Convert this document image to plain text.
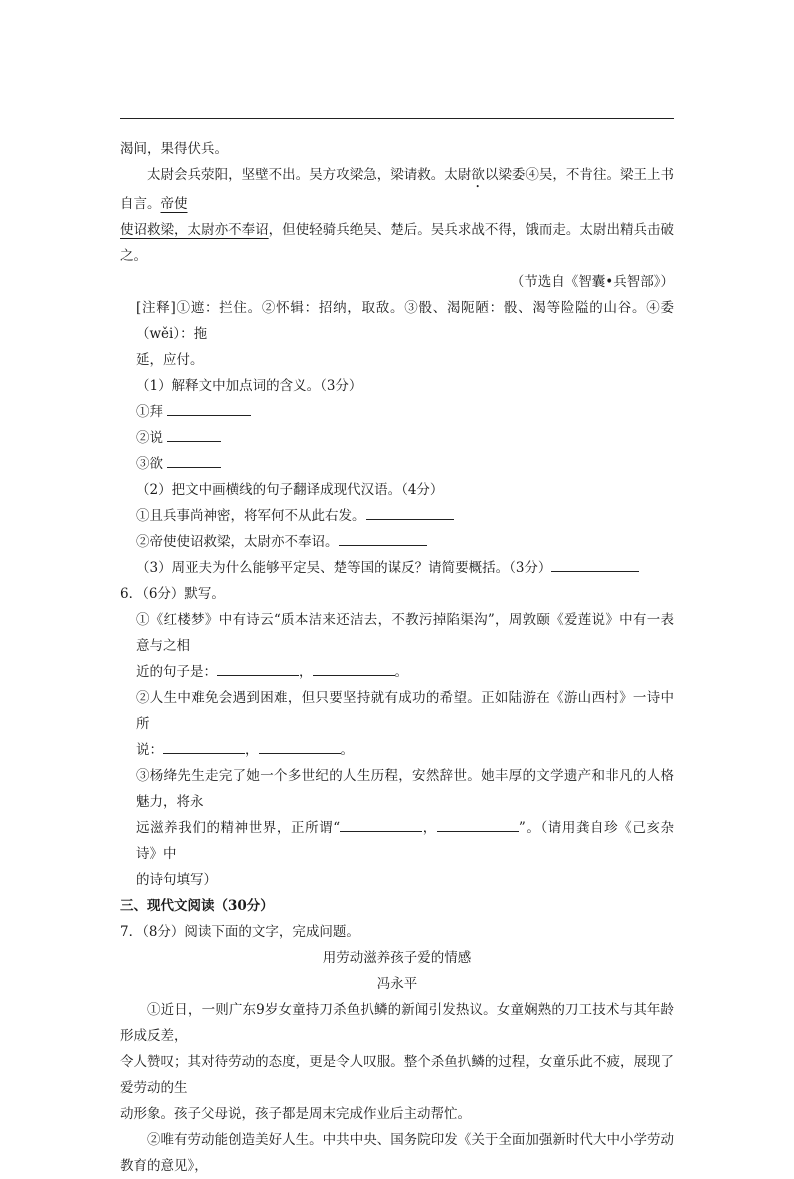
渴间，果得伏兵。

太尉会兵荥阳，坚壁不出。吴方攻梁急，梁请救。太尉欲以梁委④吴，不肯往。梁王上书自言。帝使

使诏救梁，太尉亦不奉诏，但使轻骑兵绝吴、楚后。吴兵求战不得，饿而走。太尉出精兵击破之。

（节选自《智囊•兵智部》）

[注释]①遮：拦住。②怀辑：招纳，取敌。③骰、渴阨陋：骰、渴等险隘的山谷。④委（wěi）：拖

延，应付。

（1）解释文中加点词的含义。（3分）

①拜

②说

③欲

（2）把文中画横线的句子翻译成现代汉语。（4分）

①且兵事尚神密，将军何不从此右发。

②帝使使诏救梁，太尉亦不奉诏。

（3）周亚夫为什么能够平定吴、楚等国的谋反？请简要概括。（3分）

6．（6分）默写。

①《红楼梦》中有诗云“质本洁来还洁去，不教污掉陷渠沟”，周敦颐《爱莲说》中有一表意与之相

近的句子是：	，	。

②人生中难免会遇到困难，但只要坚持就有成功的希望。正如陆游在《游山西村》一诗中所

说：	，	。

③杨绛先生走完了她一个多世纪的人生历程，安然辞世。她丰厚的文学遗产和非凡的人格魅力，将永

远滋养我们的精神世界，正所谓“	，	”。（请用龚自珍《己亥杂诗》中

的诗句填写）

三、现代文阅读（30分）

7．（8分）阅读下面的文字，完成问题。

用劳动滋养孩子爱的情感

冯永平

①近日，一则广东9岁女童持刀杀鱼扒鳞的新闻引发热议。女童娴熟的刀工技术与其年龄形成反差，

令人赞叹；其对待劳动的态度，更是令人叹服。整个杀鱼扒鳞的过程，女童乐此不疲，展现了爱劳动的生

动形象。孩子父母说，孩子都是周末完成作业后主动帮忙。

②唯有劳动能创造美好人生。中共中央、国务院印发《关于全面加强新时代大中小学劳动教育的意见》，
